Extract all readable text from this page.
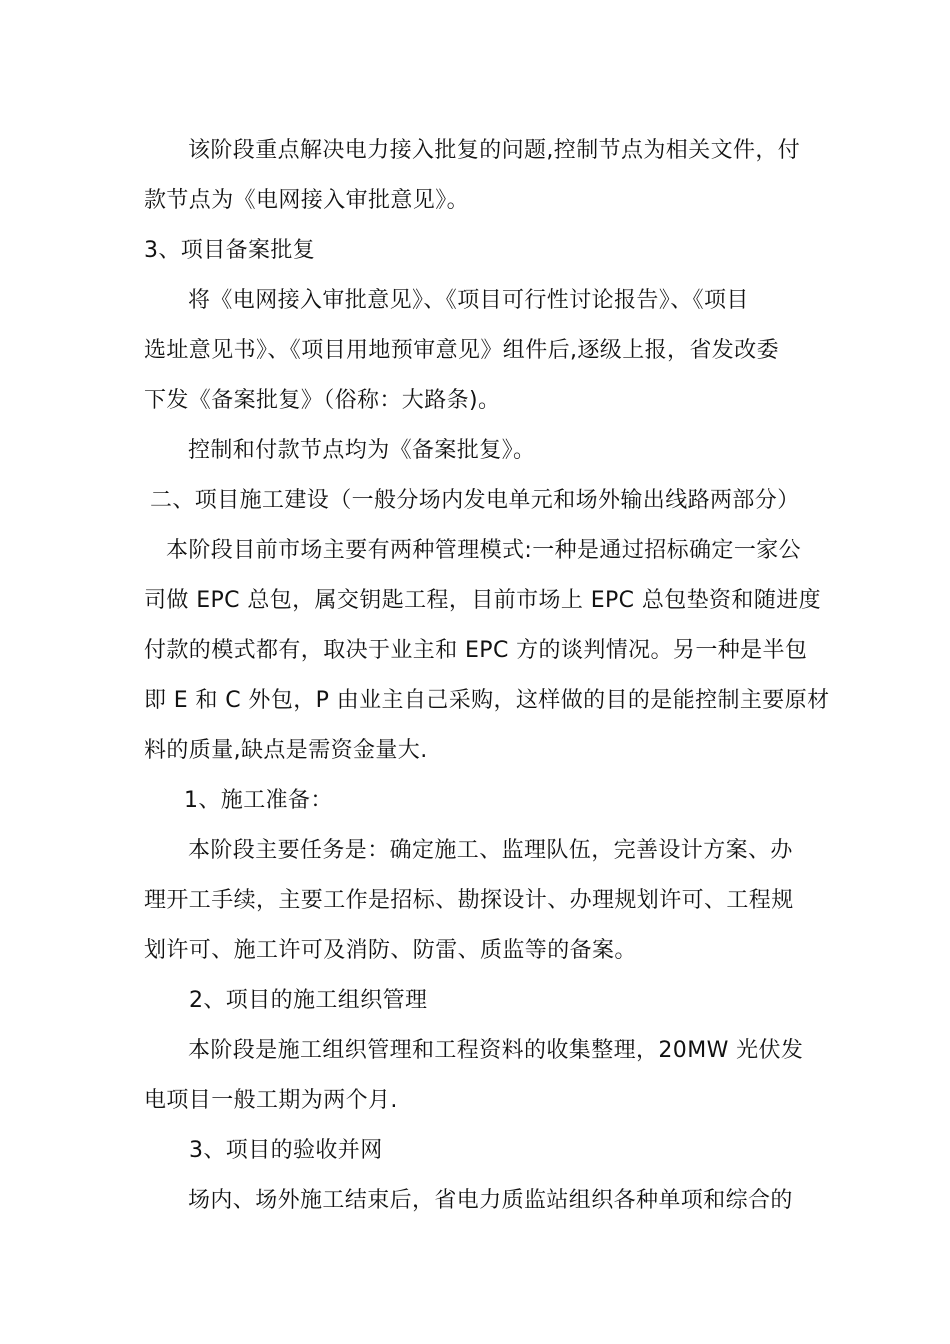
该阶段重点解决电力接入批复的问题,控制节点为相关文件，付
款节点为《电网接入审批意见》。
3、项目备案批复
将《电网接入审批意见》、《项目可行性讨论报告》、《项目
选址意见书》、《项目用地预审意见》组件后,逐级上报，省发改委
下发《备案批复》（俗称：大路条)。
控制和付款节点均为《备案批复》。
二、项目施工建设（一般分场内发电单元和场外输出线路两部分）
本阶段目前市场主要有两种管理模式:一种是通过招标确定一家公
司做 EPC 总包，属交钥匙工程，目前市场上 EPC 总包垫资和随进度
付款的模式都有，取决于业主和 EPC 方的谈判情况。另一种是半包
即 E 和 C 外包，P 由业主自己采购，这样做的目的是能控制主要原材
料的质量,缺点是需资金量大.
1、施工准备：
本阶段主要任务是：确定施工、监理队伍，完善设计方案、办
理开工手续，主要工作是招标、勘探设计、办理规划许可、工程规
划许可、施工许可及消防、防雷、质监等的备案。
2、项目的施工组织管理
本阶段是施工组织管理和工程资料的收集整理，20MW 光伏发
电项目一般工期为两个月.
3、项目的验收并网
场内、场外施工结束后，省电力质监站组织各种单项和综合的
